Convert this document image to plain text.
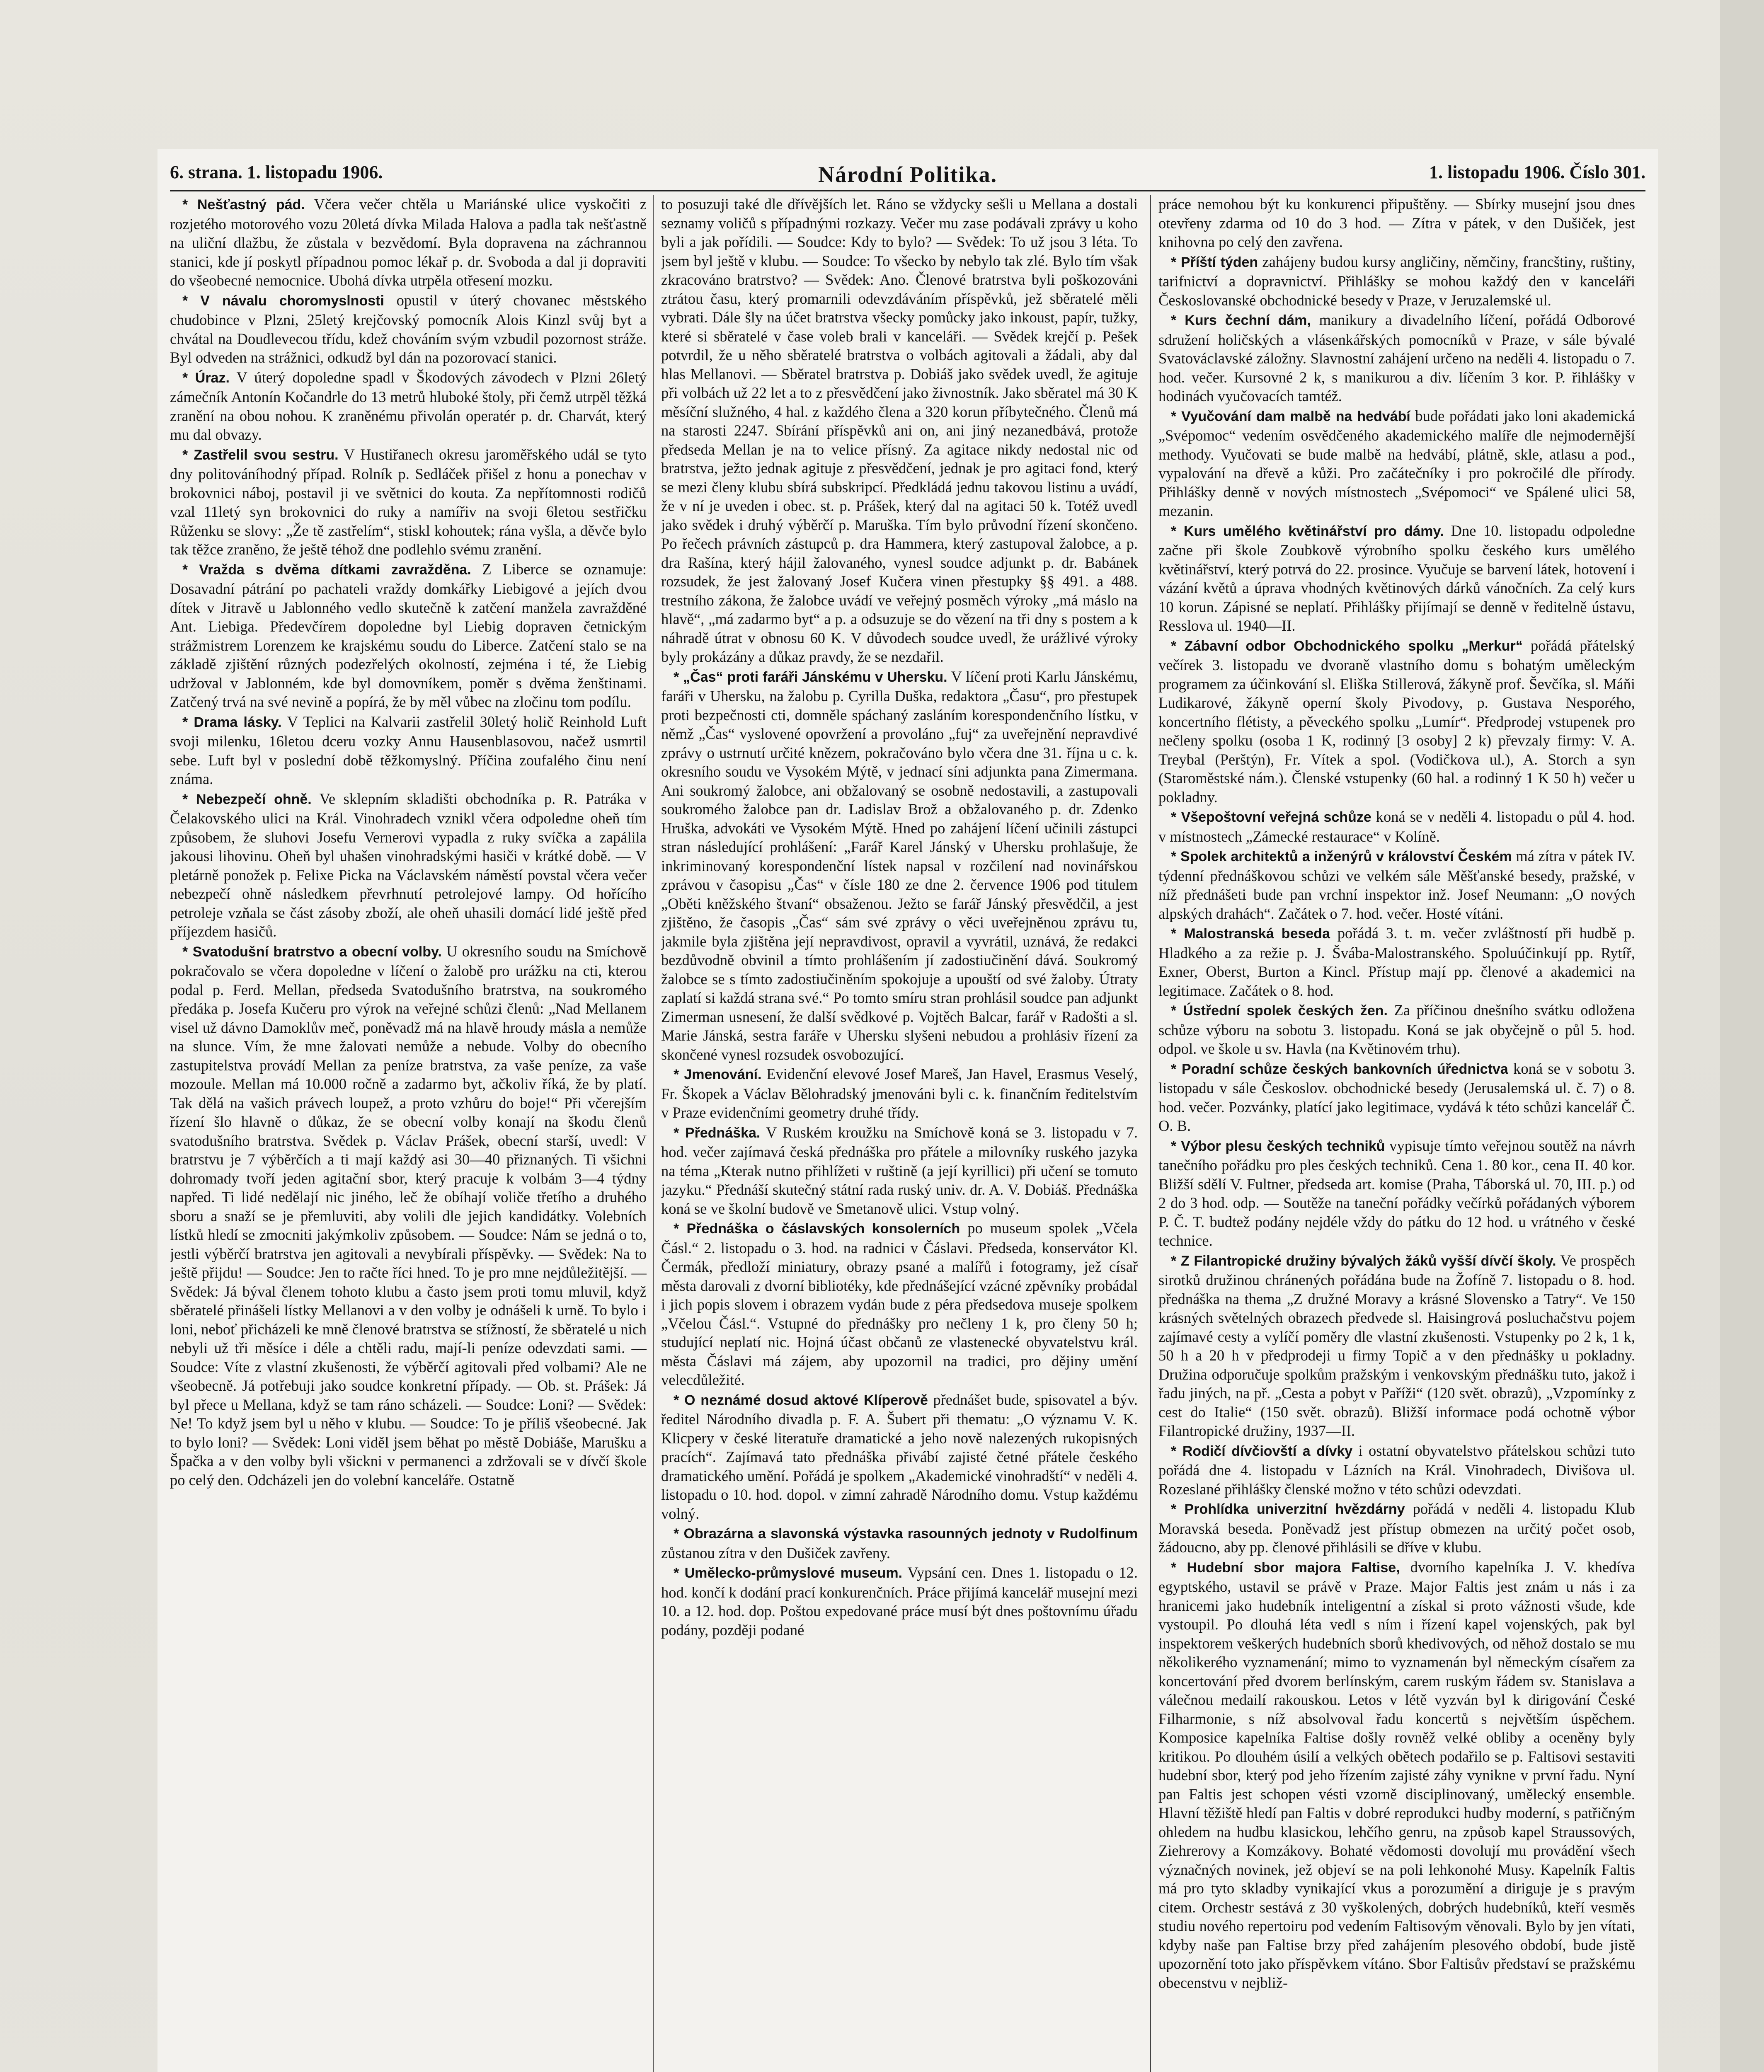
6. strana. 1. listopadu 1906.	Národní Politika.	1. listopadu 1906. Číslo 301.

* Nešťastný pád. Včera večer chtěla u Mariánské ulice vyskočiti z rozjetého motorového vozu 20letá dívka Milada Halova a padla tak nešťastně na uliční dlažbu, že zůstala v bezvědomí. Byla dopravena na záchrannou stanici, kde jí poskytl případnou pomoc lékař p. dr. Svoboda a dal ji dopraviti do všeobecné nemocnice. Ubohá dívka utrpěla otřesení mozku.

* V návalu choromyslnosti opustil v úterý chovanec městského chudobince v Plzni, 25letý krejčovský pomocník Alois Kinzl svůj byt a chvátal na Doudlevecou třídu, kdež chováním svým vzbudil pozornost stráže. Byl odveden na strážnici, odkudž byl dán na pozorovací stanici.

* Úraz. V úterý dopoledne spadl v Škodových závodech v Plzni 26letý zámečník Antonín Kočandrle do 13 metrů hluboké štoly, při čemž utrpěl těžká zranění na obou nohou. K zraněnému přivolán operatér p. dr. Charvát, který mu dal obvazy.

* Zastřelil svou sestru. V Hustiřanech okresu jaroměřského udál se tyto dny politováníhodný případ. Rolník p. Sedláček přišel z honu a ponechav v brokovnici náboj, postavil ji ve světnici do kouta. Za nepřítomnosti rodičů vzal 11letý syn brokovnici do ruky a namířiv na svoji 6letou sestřičku Růženku se slovy: „Že tě zastřelím“, stiskl kohoutek; rána vyšla, a děvče bylo tak těžce zraněno, že ještě téhož dne podlehlo svému zranění.

* Vražda s dvěma dítkami zavražděna. Z Liberce se oznamuje: Dosavadní pátrání po pachateli vraždy domkářky Liebigové a jejích dvou dítek v Jitravě u Jablonného vedlo skutečně k zatčení manžela zavražděné Ant. Liebiga. Předevčírem dopoledne byl Liebig dopraven četnickým strážmistrem Lorenzem ke krajskému soudu do Liberce. Zatčení stalo se na základě zjištění různých podezřelých okolností, zejména i té, že Liebig udržoval v Jablonném, kde byl domovníkem, poměr s dvěma ženštinami. Zatčený trvá na své nevině a popírá, že by měl vůbec na zločinu tom podílu.

* Drama lásky. V Teplici na Kalvarii zastřelil 30letý holič Reinhold Luft svoji milenku, 16letou dceru vozky Annu Hausenblasovou, načež usmrtil sebe. Luft byl v poslední době těžkomyslný. Příčina zoufalého činu není známa.

* Nebezpečí ohně. Ve sklepním skladišti obchodníka p. R. Patráka v Čelakovského ulici na Král. Vinohradech vznikl včera odpoledne oheň tím způsobem, že sluhovi Josefu Vernerovi vypadla z ruky svíčka a zapálila jakousi lihovinu. Oheň byl uhašen vinohradskými hasiči v krátké době. — V pletárně ponožek p. Felixe Picka na Václavském náměstí povstal včera večer nebezpečí ohně následkem převrhnutí petrolejové lampy. Od hořícího petroleje vzňala se část zásoby zboží, ale oheň uhasili domácí lidé ještě před příjezdem hasičů.

* Svatodušní bratrstvo a obecní volby. U okresního soudu na Smíchově pokračovalo se včera dopoledne v líčení o žalobě pro urážku na cti, kterou podal p. Ferd. Mellan, předseda Svatodušního bratrstva, na soukromého předáka p. Josefa Kučeru pro výrok na veřejné schůzi členů: „Nad Mellanem visel už dávno Damoklův meč, poněvadž má na hlavě hroudy másla a nemůže na slunce. Vím, že mne žalovati nemůže a nebude. Volby do obecního zastupitelstva provádí Mellan za peníze bratrstva, za vaše peníze, za vaše mozoule. Mellan má 10.000 ročně a zadarmo byt, ačkoliv říká, že by platí. Tak dělá na vašich právech loupež, a proto vzhůru do boje!“ Při včerejším řízení šlo hlavně o důkaz, že se obecní volby konají na škodu členů svatodušního bratrstva. Svědek p. Václav Prášek, obecní starší, uvedl: V bratrstvu je 7 výběrčích a ti mají každý asi 30—40 přiznaných. Ti všichni dohromady tvoří jeden agitační sbor, který pracuje k volbám 3—4 týdny napřed. Ti lidé nedělají nic jiného, leč že obíhají voliče třetího a druhého sboru a snaží se je přemluviti, aby volili dle jejich kandidátky. Volebních lístků hledí se zmocniti jakýmkoliv způsobem. — Soudce: Nám se jedná o to, jestli výběrčí bratrstva jen agitovali a nevybírali příspěvky. — Svědek: Na to ještě přijdu! — Soudce: Jen to račte říci hned. To je pro mne nejdůležitější. — Svědek: Já býval členem tohoto klubu a často jsem proti tomu mluvil, když sběratelé přinášeli lístky Mellanovi a v den volby je odnášeli k urně. To bylo i loni, neboť přicházeli ke mně členové bratrstva se stížností, že sběratelé u nich nebyli už tři měsíce i déle a chtěli radu, mají-li peníze odevzdati sami. — Soudce: Víte z vlastní zkušenosti, že výběrčí agitovali před volbami? Ale ne všeobecně. Já potřebuji jako soudce konkretní případy. — Ob. st. Prášek: Já byl přece u Mellana, když se tam ráno scházeli. — Soudce: Loni? — Svědek: Ne! To když jsem byl u něho v klubu. — Soudce: To je příliš všeobecné. Jak to bylo loni? — Svědek: Loni viděl jsem běhat po městě Dobiáše, Marušku a Špačka a v den volby byli všickni v permanenci a zdržovali se v dívčí škole po celý den. Odcházeli jen do volební kanceláře. Ostatně

to posuzuji také dle dřívějších let. Ráno se vždycky sešli u Mellana a dostali seznamy voličů s případnými rozkazy. Večer mu zase podávali zprávy u koho byli a jak pořídili. — Soudce: Kdy to bylo? — Svědek: To už jsou 3 léta. To jsem byl ještě v klubu. — Soudce: To všecko by nebylo tak zlé. Bylo tím však zkracováno bratrstvo? — Svědek: Ano. Členové bratrstva byli poškozováni ztrátou času, který promarnili odevzdáváním příspěvků, jež sběratelé měli vybrati. Dále šly na účet bratrstva všecky pomůcky jako inkoust, papír, tužky, které si sběratelé v čase voleb brali v kanceláři. — Svědek krejčí p. Pešek potvrdil, že u něho sběratelé bratrstva o volbách agitovali a žádali, aby dal hlas Mellanovi. — Sběratel bratrstva p. Dobiáš jako svědek uvedl, že agituje při volbách už 22 let a to z přesvědčení jako živnostník. Jako sběratel má 30 K měsíční služného, 4 hal. z každého člena a 320 korun příbytečného. Členů má na starosti 2247. Sbírání příspěvků ani on, ani jiný nezanedbává, protože předseda Mellan je na to velice přísný. Za agitace nikdy nedostal nic od bratrstva, ježto jednak agituje z přesvědčení, jednak je pro agitaci fond, který se mezi členy klubu sbírá subskripcí. Předkládá jednu takovou listinu a uvádí, že v ní je uveden i obec. st. p. Prášek, který dal na agitaci 50 k. Totéž uvedl jako svědek i druhý výběrčí p. Maruška. Tím bylo průvodní řízení skončeno. Po řečech právních zástupců p. dra Hammera, který zastupoval žalobce, a p. dra Rašína, který hájil žalovaného, vynesl soudce adjunkt p. dr. Babánek rozsudek, že jest žalovaný Josef Kučera vinen přestupky §§ 491. a 488. trestního zákona, že žalobce uvádí ve veřejný posměch výroky „má máslo na hlavě“, „má zadarmo byt“ a p. a odsuzuje se do vězení na tři dny s postem a k náhradě útrat v obnosu 60 K. V důvodech soudce uvedl, že urážlivé výroky byly prokázány a důkaz pravdy, že se nezdařil.

* „Čas“ proti faráři Jánskému v Uhersku. V líčení proti Karlu Jánskému, faráři v Uhersku, na žalobu p. Cyrilla Duška, redaktora „Času“, pro přestupek proti bezpečnosti cti, domněle spáchaný zasláním korespondenčního lístku, v němž „Čas“ vyslovené opovržení a provoláno „fuj“ za uveřejnění nepravdivé zprávy o ustrnutí určité knězem, pokračováno bylo včera dne 31. října u c. k. okresního soudu ve Vysokém Mýtě, v jednací síni adjunkta pana Zimermana. Ani soukromý žalobce, ani obžalovaný se osobně nedostavili, a zastupovali soukromého žalobce pan dr. Ladislav Brož a obžalovaného p. dr. Zdenko Hruška, advokáti ve Vysokém Mýtě. Hned po zahájení líčení učinili zástupci stran následující prohlášení: „Farář Karel Jánský v Uhersku prohlašuje, že inkriminovaný korespondenční lístek napsal v rozčilení nad novinářskou zprávou v časopisu „Čas“ v čísle 180 ze dne 2. července 1906 pod titulem „Oběti kněžského štvaní“ obsaženou. Ježto se farář Jánský přesvědčil, a jest zjištěno, že časopis „Čas“ sám své zprávy o věci uveřejněnou zprávu tu, jakmile byla zjištěna její nepravdivost, opravil a vyvrátil, uznává, že redakci bezdůvodně obvinil a tímto prohlášením jí zadostiučinění dává. Soukromý žalobce se s tímto zadostiučiněním spokojuje a upouští od své žaloby. Útraty zaplatí si každá strana své.“ Po tomto smíru stran prohlásil soudce pan adjunkt Zimerman usnesení, že další svědkové p. Vojtěch Balcar, farář v Radošti a sl. Marie Jánská, sestra faráře v Uhersku slyšeni nebudou a prohlásiv řízení za skončené vynesl rozsudek osvobozující.

* Jmenování. Evidenční elevové Josef Mareš, Jan Havel, Erasmus Veselý, Fr. Škopek a Václav Bělohradský jmenováni byli c. k. finančním ředitelstvím v Praze evidenčními geometry druhé třídy.

* Přednáška. V Ruském kroužku na Smíchově koná se 3. listopadu v 7. hod. večer zajímavá česká přednáška pro přátele a milovníky ruského jazyka na téma „Kterak nutno přihlížeti v ruštině (a její kyrillici) při učení se tomuto jazyku.“ Přednáší skutečný státní rada ruský univ. dr. A. V. Dobiáš. Přednáška koná se ve školní budově ve Smetanově ulici. Vstup volný.

* Přednáška o čáslavských konsolerních po museum spolek „Včela Čásl.“ 2. listopadu o 3. hod. na radnici v Čáslavi. Předseda, konservátor Kl. Čermák, předloží miniatury, obrazy psané a malířů i fotogramy, jež císař města darovali z dvorní bibliotéky, kde přednášející vzácné zpěvníky probádal i jich popis slovem i obrazem vydán bude z péra předsedova museje spolkem „Včelou Čásl.“. Vstupné do přednášky pro nečleny 1 k, pro členy 50 h; studující neplatí nic. Hojná účast občanů ze vlastenecké obyvatelstvu král. města Čáslavi má zájem, aby upozornil na tradici, pro dějiny umění velecdůležité.

* O neznámé dosud aktové Klíperově přednášet bude, spisovatel a býv. ředitel Národního divadla p. F. A. Šubert při thematu: „O významu V. K. Klicpery v české literatuře dramatické a jeho nově nalezených rukopisných pracích“. Zajímavá tato přednáška přivábí zajisté četné přátele českého dramatického umění. Pořádá je spolkem „Akademické vinohradští“ v neděli 4. listopadu o 10. hod. dopol. v zimní zahradě Národního domu. Vstup každému volný.

* Obrazárna a slavonská výstavka rasounných jednoty v Rudolfinum zůstanou zítra v den Dušiček zavřeny.

* Umělecko-průmyslové museum. Vypsání cen. Dnes 1. listopadu o 12. hod. končí k dodání prací konkurenčních. Práce přijímá kancelář musejní mezi 10. a 12. hod. dop. Poštou expedované práce musí být dnes poštovnímu úřadu podány, později podané

práce nemohou být ku konkurenci připuštěny. — Sbírky musejní jsou dnes otevřeny zdarma od 10 do 3 hod. — Zítra v pátek, v den Dušiček, jest knihovna po celý den zavřena.

* Příští týden zahájeny budou kursy angličiny, němčiny, francštiny, ruštiny, tarifnictví a dopravnictví. Přihlášky se mohou každý den v kanceláři Českoslovanské obchodnické besedy v Praze, v Jeruzalemské ul.

* Kurs čechní dám, manikury a divadelního líčení, pořádá Odborové sdružení holičských a vlásenkářských pomocníků v Praze, v sále bývalé Svatováclavské záložny. Slavnostní zahájení určeno na neděli 4. listopadu o 7. hod. večer. Kursovné 2 k, s manikurou a div. líčením 3 kor. P. řihlášky v hodinách vyučovacích tamtéž.

* Vyučování dam malbě na hedvábí bude pořádati jako loni akademická „Svépomoc“ vedením osvědčeného akademického malíře dle nejmodernější methody. Vyučovati se bude malbě na hedvábí, plátně, skle, atlasu a pod., vypalování na dřevě a kůži. Pro začátečníky i pro pokročilé dle přírody. Přihlášky denně v nových místnostech „Svépomoci“ ve Spálené ulici 58, mezanin.

* Kurs umělého květinářství pro dámy. Dne 10. listopadu odpoledne začne při škole Zoubkově výrobního spolku českého kurs umělého květinářství, který potrvá do 22. prosince. Vyučuje se barvení látek, hotovení i vázání květů a úprava vhodných květinových dárků vánočních. Za celý kurs 10 korun. Zápisné se neplatí. Přihlášky přijímají se denně v ředitelně ústavu, Resslova ul. 1940—II.

* Zábavní odbor Obchodnického spolku „Merkur“ pořádá přátelský večírek 3. listopadu ve dvoraně vlastního domu s bohatým uměleckým programem za účinkování sl. Eliška Stillerová, žákyně prof. Ševčíka, sl. Máňi Ludikarové, žákyně operní školy Pivodovy, p. Gustava Nesporého, koncertního flétisty, a pěveckého spolku „Lumír“. Předprodej vstupenek pro nečleny spolku (osoba 1 K, rodinný [3 osoby] 2 k) převzaly firmy: V. A. Treybal (Perštýn), Fr. Vítek a spol. (Vodičkova ul.), A. Storch a syn (Staroměstské nám.). Členské vstupenky (60 hal. a rodinný 1 K 50 h) večer u pokladny.

* Všepoštovní veřejná schůze koná se v neděli 4. listopadu o půl 4. hod. v místnostech „Zámecké restaurace“ v Kolíně.

* Spolek architektů a inženýrů v království Českém má zítra v pátek IV. týdenní přednáškovou schůzi ve velkém sále Měšťanské besedy, pražské, v níž přednášeti bude pan vrchní inspektor inž. Josef Neumann: „O nových alpských drahách“. Začátek o 7. hod. večer. Hosté vítáni.

* Malostranská beseda pořádá 3. t. m. večer zvláštností při hudbě p. Hladkého a za režie p. J. Švába-Malostranského. Spoluúčinkují pp. Rytíř, Exner, Oberst, Burton a Kincl. Přístup mají pp. členové a akademici na legitimace. Začátek o 8. hod.

* Ústřední spolek českých žen. Za příčinou dnešního svátku odložena schůze výboru na sobotu 3. listopadu. Koná se jak obyčejně o půl 5. hod. odpol. ve škole u sv. Havla (na Květinovém trhu).

* Poradní schůze českých bankovních úřednictva koná se v sobotu 3. listopadu v sále Českoslov. obchodnické besedy (Jerusalemská ul. č. 7) o 8. hod. večer. Pozvánky, platící jako legitimace, vydává k této schůzi kancelář Č. O. B.

* Výbor plesu českých techniků vypisuje tímto veřejnou soutěž na návrh tanečního pořádku pro ples českých techniků. Cena 1. 80 kor., cena II. 40 kor. Bližší sdělí V. Fultner, předseda art. komise (Praha, Táborská ul. 70, III. p.) od 2 do 3 hod. odp. — Soutěže na taneční pořádky večírků pořádaných výborem P. Č. T. budtež podány nejdéle vždy do pátku do 12 hod. u vrátného v české technice.

* Z Filantropické družiny bývalých žáků vyšší dívčí školy. Ve prospěch sirotků družinou chránených pořádána bude na Žofíně 7. listopadu o 8. hod. přednáška na thema „Z družné Moravy a krásné Slovensko a Tatry“. Ve 150 krásných světelných obrazech předvede sl. Haisingrová posluchačstvu pojem zajímavé cesty a vylíčí poměry dle vlastní zkušenosti. Vstupenky po 2 k, 1 k, 50 h a 20 h v předprodeji u firmy Topič a v den přednášky u pokladny. Družina odporučuje spolkům pražským i venkovským přednášku tuto, jakož i řadu jiných, na př. „Cesta a pobyt v Paříži“ (120 svět. obrazů), „Vzpomínky z cest do Italie“ (150 svět. obrazů). Bližší informace podá ochotně výbor Filantropické družiny, 1937—II.

* Rodičí dívčiovští a dívky i ostatní obyvatelstvo přátelskou schůzi tuto pořádá dne 4. listopadu v Lázních na Král. Vinohradech, Divišova ul. Rozeslané přihlášky členské možno v této schůzi odevzdati.

* Prohlídka univerzitní hvězdárny pořádá v neděli 4. listopadu Klub Moravská beseda. Poněvadž jest přístup obmezen na určitý počet osob, žádoucno, aby pp. členové přihlásili se dříve v klubu.

* Hudební sbor majora Faltise, dvorního kapelníka J. V. khedíva egyptského, ustavil se právě v Praze. Major Faltis jest znám u nás i za hranicemi jako hudebník inteligentní a získal si proto vážnosti všude, kde vystoupil. Po dlouhá léta vedl s ním i řízení kapel vojenských, pak byl inspektorem veškerých hudebních sborů khedivových, od něhož dostalo se mu několikerého vyznamenání; mimo to vyznamenán byl německým císařem za koncertování před dvorem berlínským, carem ruským řádem sv. Stanislava a válečnou medailí rakouskou. Letos v létě vyzván byl k dirigování České Filharmonie, s níž absolvoval řadu koncertů s největším úspěchem. Komposice kapelníka Faltise došly rovněž velké obliby a oceněny byly kritikou. Po dlouhém úsilí a velkých obětech podařilo se p. Faltisovi sestaviti hudební sbor, který pod jeho řízením zajisté záhy vynikne v první řadu. Nyní pan Faltis jest schopen vésti vzorně disciplinovaný, umělecký ensemble. Hlavní těžiště hledí pan Faltis v dobré reprodukci hudby moderní, s patřičným ohledem na hudbu klasickou, lehčího genru, na způsob kapel Straussových, Ziehrerovy a Komzákovy. Bohaté vědomosti dovolují mu provádění všech význačných novinek, jež objeví se na poli lehkonohé Musy. Kapelník Faltis má pro tyto skladby vynikající vkus a porozumění a diriguje je s pravým citem. Orchestr sestává z 30 vyškolených, dobrých hudebníků, kteří vesměs studiu nového repertoiru pod vedením Faltisovým věnovali. Bylo by jen vítati, kdyby naše pan Faltise brzy před zahájením plesového období, bude jistě upozornění toto jako příspěvkem vítáno. Sbor Faltisův představí se pražskému obecenstvu v nejbliž-
